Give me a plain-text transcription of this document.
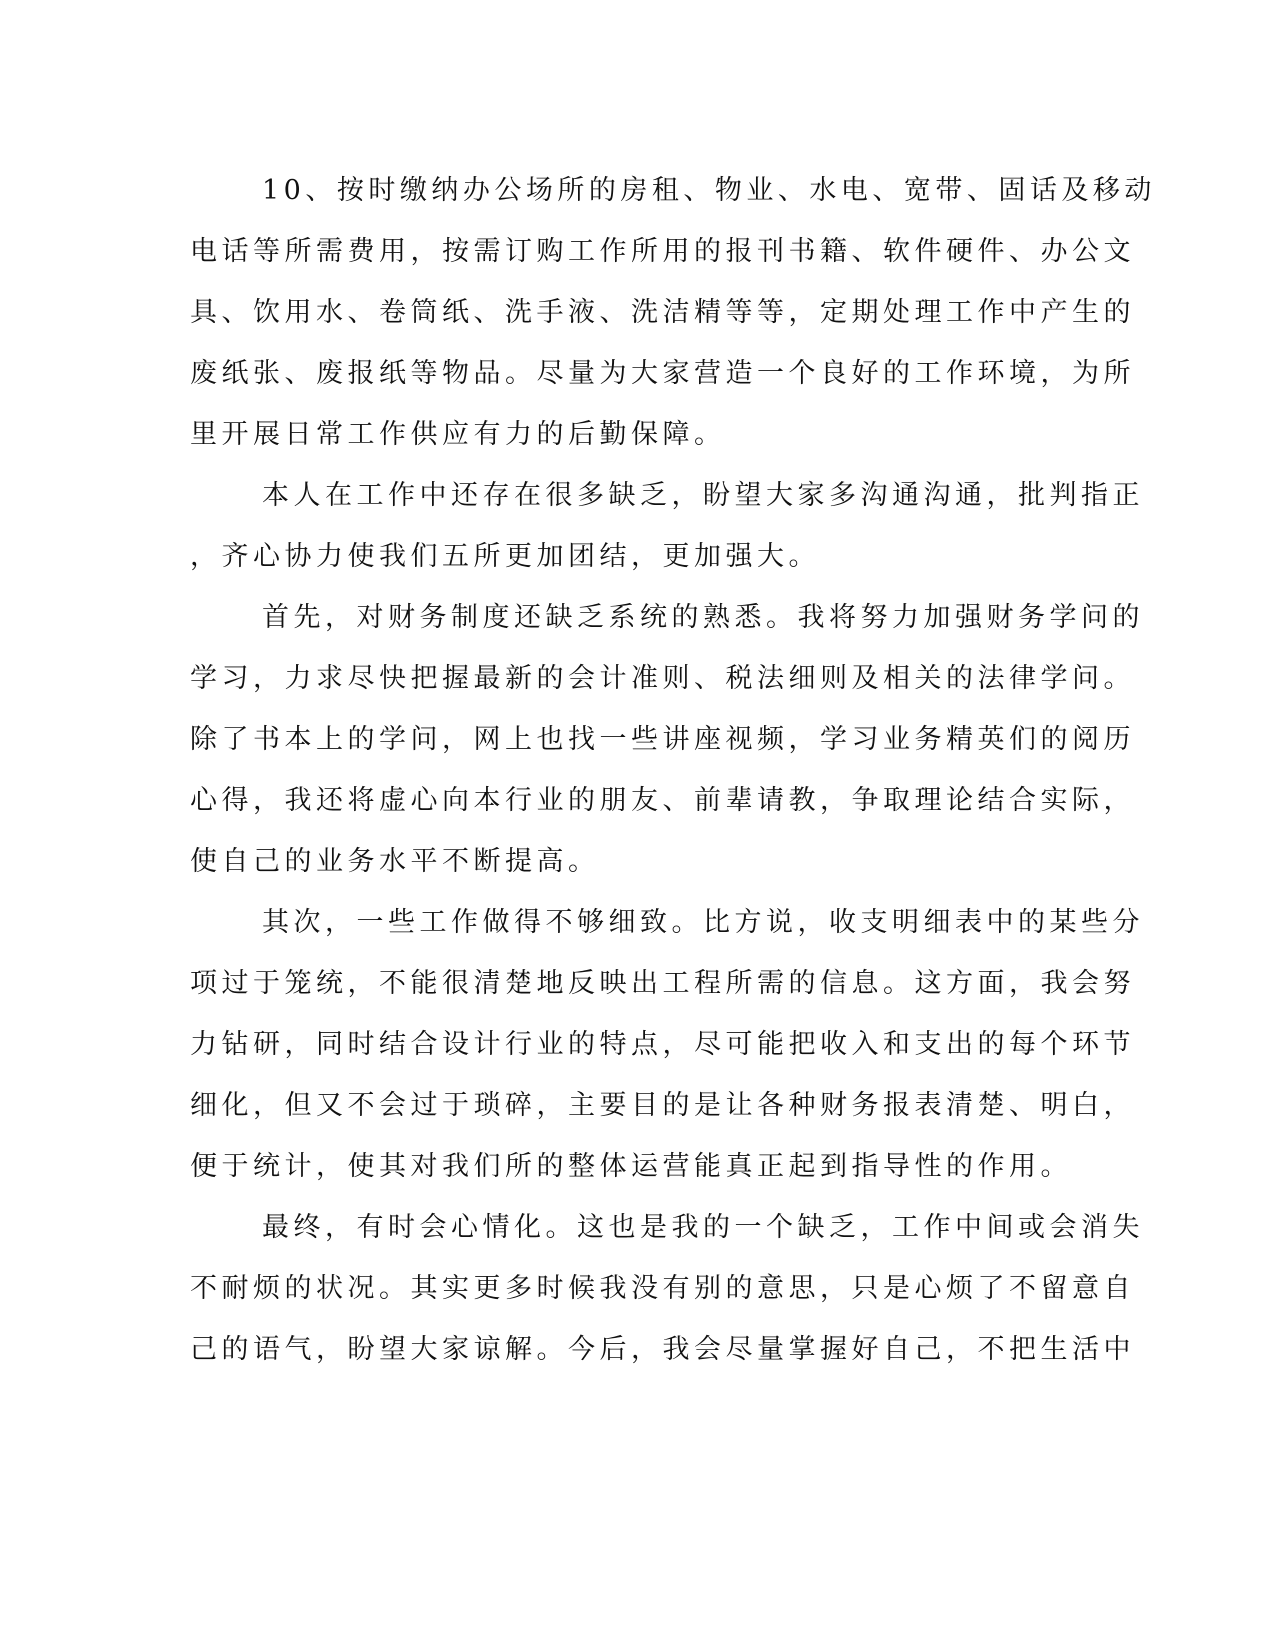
10、按时缴纳办公场所的房租、物业、水电、宽带、固话及移动
电话等所需费用，按需订购工作所用的报刊书籍、软件硬件、办公文
具、饮用水、卷筒纸、洗手液、洗洁精等等，定期处理工作中产生的
废纸张、废报纸等物品。尽量为大家营造一个良好的工作环境，为所
里开展日常工作供应有力的后勤保障。
本人在工作中还存在很多缺乏，盼望大家多沟通沟通，批判指正
，齐心协力使我们五所更加团结，更加强大。
首先，对财务制度还缺乏系统的熟悉。我将努力加强财务学问的
学习，力求尽快把握最新的会计准则、税法细则及相关的法律学问。
除了书本上的学问，网上也找一些讲座视频，学习业务精英们的阅历
心得，我还将虚心向本行业的朋友、前辈请教，争取理论结合实际，
使自己的业务水平不断提高。
其次，一些工作做得不够细致。比方说，收支明细表中的某些分
项过于笼统，不能很清楚地反映出工程所需的信息。这方面，我会努
力钻研，同时结合设计行业的特点，尽可能把收入和支出的每个环节
细化，但又不会过于琐碎，主要目的是让各种财务报表清楚、明白，
便于统计，使其对我们所的整体运营能真正起到指导性的作用。
最终，有时会心情化。这也是我的一个缺乏，工作中间或会消失
不耐烦的状况。其实更多时候我没有别的意思，只是心烦了不留意自
己的语气，盼望大家谅解。今后，我会尽量掌握好自己，不把生活中
